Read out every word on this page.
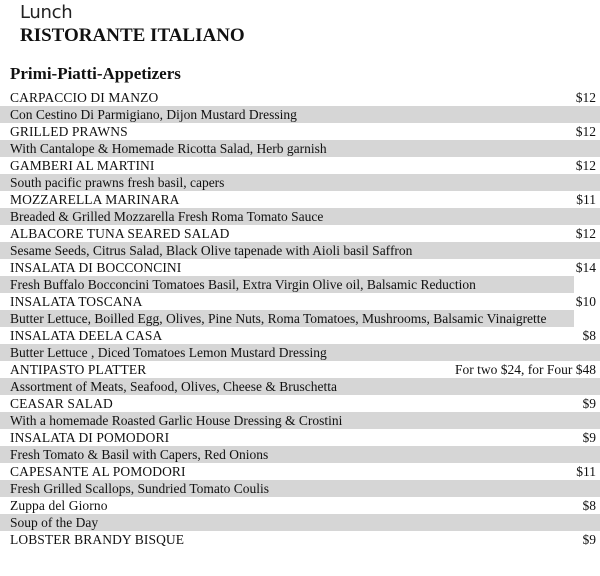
Lunch
RISTORANTE ITALIANO
Primi-Piatti-Appetizers
CARPACCIO DI MANZO	$12
Con Cestino Di Parmigiano, Dijon Mustard Dressing
GRILLED PRAWNS	$12
With Cantalope & Homemade Ricotta Salad, Herb garnish
GAMBERI AL MARTINI	$12
South pacific prawns fresh basil, capers
MOZZARELLA MARINARA	$11
Breaded & Grilled Mozzarella Fresh Roma Tomato Sauce
ALBACORE TUNA SEARED SALAD	$12
Sesame Seeds, Citrus Salad, Black Olive tapenade with Aioli basil Saffron
INSALATA DI BOCCONCINI	$14
Fresh Buffalo Bocconcini Tomatoes Basil, Extra Virgin Olive oil, Balsamic Reduction
INSALATA TOSCANA	$10
Butter Lettuce, Boilled Egg, Olives, Pine Nuts, Roma Tomatoes, Mushrooms, Balsamic Vinaigrette
INSALATA DEELA CASA	$8
Butter Lettuce , Diced Tomatoes Lemon Mustard Dressing
ANTIPASTO PLATTER	For two $24, for Four $48
Assortment of Meats, Seafood, Olives, Cheese & Bruschetta
CEASAR SALAD	$9
With a homemade Roasted Garlic House Dressing & Crostini
INSALATA DI POMODORI	$9
Fresh Tomato & Basil with Capers, Red Onions
CAPESANTE AL POMODORI	$11
Fresh Grilled Scallops, Sundried Tomato Coulis
Zuppa del Giorno	$8
Soup of the Day
LOBSTER BRANDY BISQUE	$9
